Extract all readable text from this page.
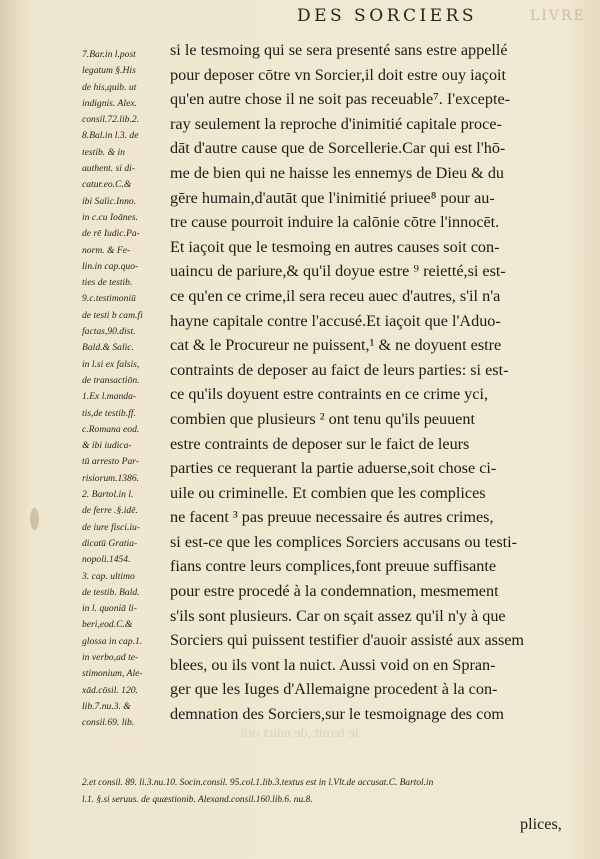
DES SORCIERS	LIVRE
7.Bar.in l.post
legatum §.His
de his,quib. ut
indignis. Alex.
consil.72.lib.2.
8.Bal.in l.3. de
testib. & in
authent. si di-
catur.eo.C.&
ibi Salic.Inno.
in c.cu Ioānes.
de rē Iudic.Pa-
norm. & Fe-
lin.in cap.quo-
ties de testib.
9.c.testimoniū
de testi b cam.fi
factas,90.dist.
Bald.& Salic.
in l.si ex falsis,
de transactiōn.
1.Ex l.manda-
tis,de testib.ff.
c.Romana eod.
& ibi iudica-
tū arresto Par-
risiorum.1386.
2. Bartol.in l.
de ferre .§.idē.
de iure fisci.iu-
dicatū Gratia-
nopoli.1454.
3. cap. ultimo
de testib. Bald.
in l. quoniā li-
beri,eod.C.&
glossa in cap.1.
in verbo,ad te-
stimonium, Ale-
xād.cōsil. 120.
lib.7.nu.3. &
consil.69. lib.
si le tesmoing qui se sera presenté sans estre appellé
pour deposer cōtre vn Sorcier,il doit estre ouy iaçoit
qu'en autre chose il ne soit pas receuable⁷. I'excepte-
ray seulement la reproche d'inimitié capitale proce-
dāt d'autre cause que de Sorcellerie.Car qui est l'hō-
me de bien qui ne haisse les ennemys de Dieu & du
gēre humain,d'autāt que l'inimitié priuee⁸ pour au-
tre cause pourroit induire la calōnie cōtre l'innocēt.
Et iaçoit que le tesmoing en autres causes soit con-
uaincu de pariure,& qu'il doyue estre ⁹ reietté,si est-
ce qu'en ce crime,il sera receu auec d'autres, s'il n'a
hayne capitale contre l'accusé.Et iaçoit que l'Aduo-
cat & le Procureur ne puissent,¹ & ne doyuent estre
contraints de deposer au faict de leurs parties: si est-
ce qu'ils doyuent estre contraints en ce crime yci,
combien que plusieurs ² ont tenu qu'ils peuuent
estre contraints de deposer sur le faict de leurs
parties ce requerant la partie aduerse,soit chose ci-
uile ou criminelle. Et combien que les complices
ne facent ³ pas preuue necessaire és autres crimes,
si est-ce que les complices Sorciers accusans ou testi-
fians contre leurs complices,font preuue suffisante
pour estre procedé à la condemnation, mesmement
s'ils sont plusieurs. Car on sçait assez qu'il n'y à que
Sorciers qui puissent testifier d'auoir assisté aux assem
blees, ou ils vont la nuict. Aussi void on en Spran-
ger que les Iuges d'Allemaigne procedent à la con-
demnation des Sorciers,sur le tesmoignage des com
2.et consil. 89. li.3.nu.10. Socin.consil. 95.col.1.lib.3.textus est in l.Vlt.de accusat.C. Bartol.in
l.1. §.si seruus. de quæstionib. Alexand.consil.160.lib.6. nu.8.
le feroit ,de nuict orit
plices,
